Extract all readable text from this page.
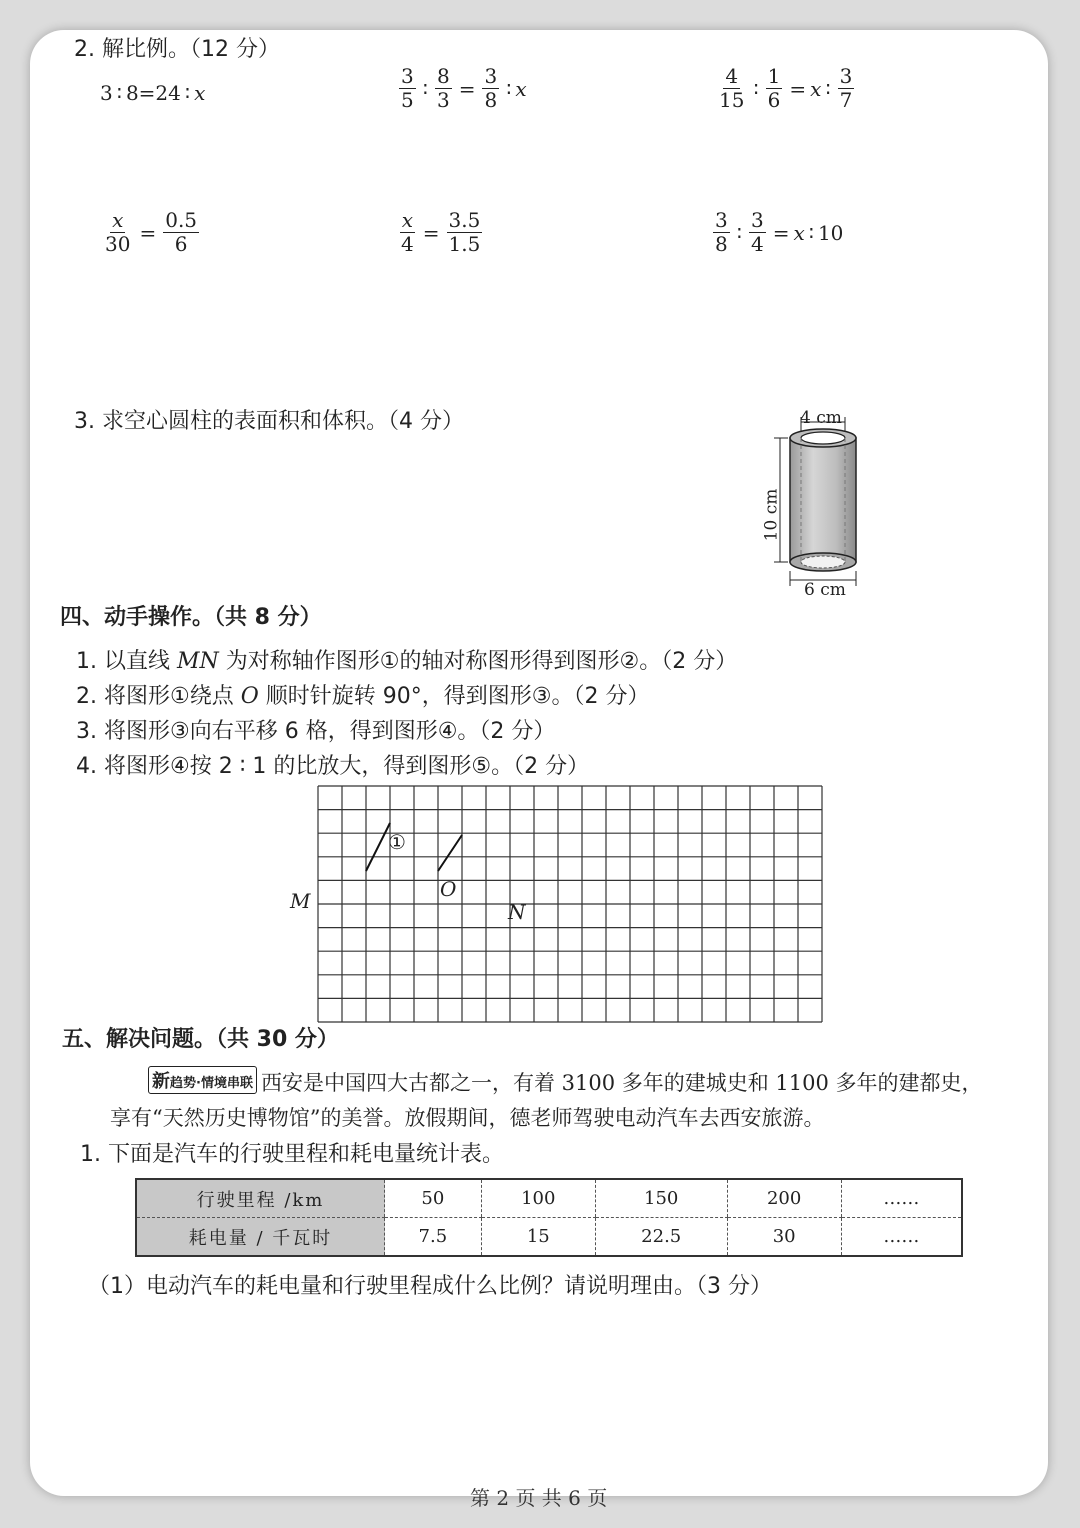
2. 解比例。（12 分）
3 ∶ 8=24 ∶ x	$\frac{3}{5}$ ∶ $\frac{8}{3} = \frac{3}{8}$ ∶ x	$\frac{4}{15}$ ∶ $\frac{1}{6} = x$ ∶ $\frac{3}{7}$
$\frac{x}{30} = \frac{0.5}{6}$	$\frac{x}{4} = \frac{3.5}{1.5}$	$\frac{3}{8}$ ∶ $\frac{3}{4} = x$ ∶ 10
3. 求空心圆柱的表面积和体积。（4 分）	4 cm
6 cm
10 cm
四、动手操作。（共 8 分）
1. 以直线 MN 为对称轴作图形①的轴对称图形得到图形②。（2 分）
2. 将图形①绕点 O 顺时针旋转 90°，得到图形③。（2 分）
3. 将图形③向右平移 6 格，得到图形④。（2 分）
4. 将图形④按 2 ∶ 1 的比放大，得到图形⑤。（2 分）
①
O
N
M
五、解决问题。（共 30 分）
新趋势·情境串联 西安是中国四大古都之一，有着 3100 多年的建城史和 1100 多年的建都史，
享有“天然历史博物馆”的美誉。放假期间，德老师驾驶电动汽车去西安旅游。
1. 下面是汽车的行驶里程和耗电量统计表。
行驶里程 /km	50	100	150	200	……
耗电量 / 千瓦时	7.5	15	22.5	30	……
（1）电动汽车的耗电量和行驶里程成什么比例？请说明理由。（3 分）
第 2 页 共 6 页
